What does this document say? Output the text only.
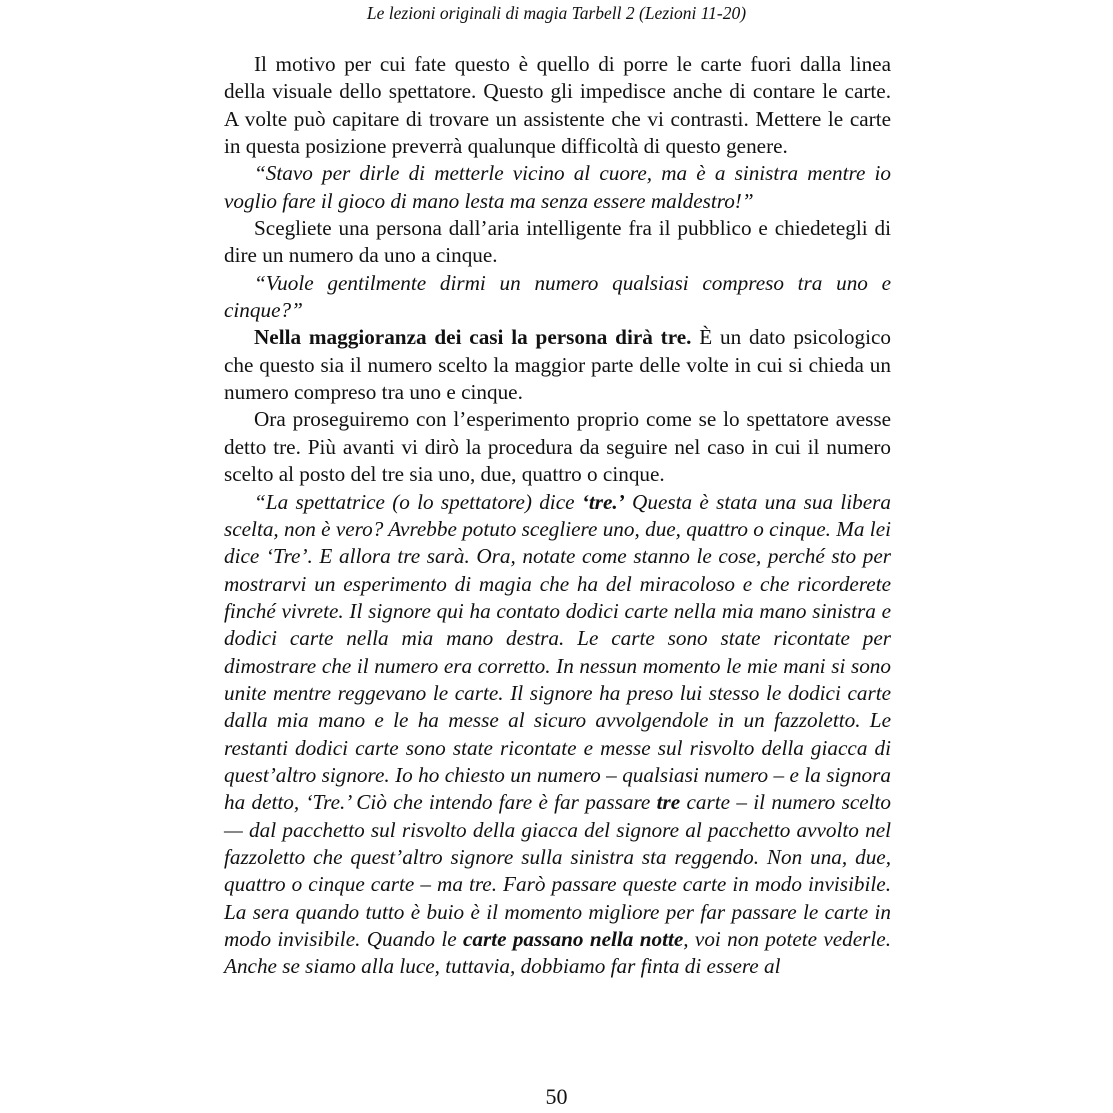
Le lezioni originali di magia Tarbell 2 (Lezioni 11-20)

Il motivo per cui fate questo è quello di porre le carte fuori dalla linea della visuale dello spettatore. Questo gli impedisce anche di contare le carte. A volte può capitare di trovare un assistente che vi contrasti. Mettere le carte in questa posizione preverrà qualunque difficoltà di questo genere.

“Stavo per dirle di metterle vicino al cuore, ma è a sinistra mentre io voglio fare il gioco di mano lesta ma senza essere maldestro!”

Scegliete una persona dall’aria intelligente fra il pubblico e chiedetegli di dire un numero da uno a cinque.

“Vuole gentilmente dirmi un numero qualsiasi compreso tra uno e cinque?”

Nella maggioranza dei casi la persona dirà tre. È un dato psicologico che questo sia il numero scelto la maggior parte delle volte in cui si chieda un numero compreso tra uno e cinque.

Ora proseguiremo con l’esperimento proprio come se lo spettatore avesse detto tre. Più avanti vi dirò la procedura da seguire nel caso in cui il numero scelto al posto del tre sia uno, due, quattro o cinque.

“La spettatrice (o lo spettatore) dice ‘tre.’ Questa è stata una sua libera scelta, non è vero? Avrebbe potuto scegliere uno, due, quattro o cinque. Ma lei dice ‘Tre’. E allora tre sarà. Ora, notate come stanno le cose, perché sto per mostrarvi un esperimento di magia che ha del miracoloso e che ricorderete finché vivrete. Il signore qui ha contato dodici carte nella mia mano sinistra e dodici carte nella mia mano destra. Le carte sono state ricontate per dimostrare che il numero era corretto. In nessun momento le mie mani si sono unite mentre reggevano le carte. Il signore ha preso lui stesso le dodici carte dalla mia mano e le ha messe al sicuro avvolgendole in un fazzoletto. Le restanti dodici carte sono state ricontate e messe sul risvolto della giacca di quest’altro signore. Io ho chiesto un numero – qualsiasi numero – e la signora ha detto, ‘Tre.’ Ciò che intendo fare è far passare tre carte – il numero scelto — dal pacchetto sul risvolto della giacca del signore al pacchetto avvolto nel fazzoletto che quest’altro signore sulla sinistra sta reggendo. Non una, due, quattro o cinque carte – ma tre. Farò passare queste carte in modo invisibile. La sera quando tutto è buio è il momento migliore per far passare le carte in modo invisibile. Quando le carte passano nella notte, voi non potete vederle. Anche se siamo alla luce, tuttavia, dobbiamo far finta di essere al

50
